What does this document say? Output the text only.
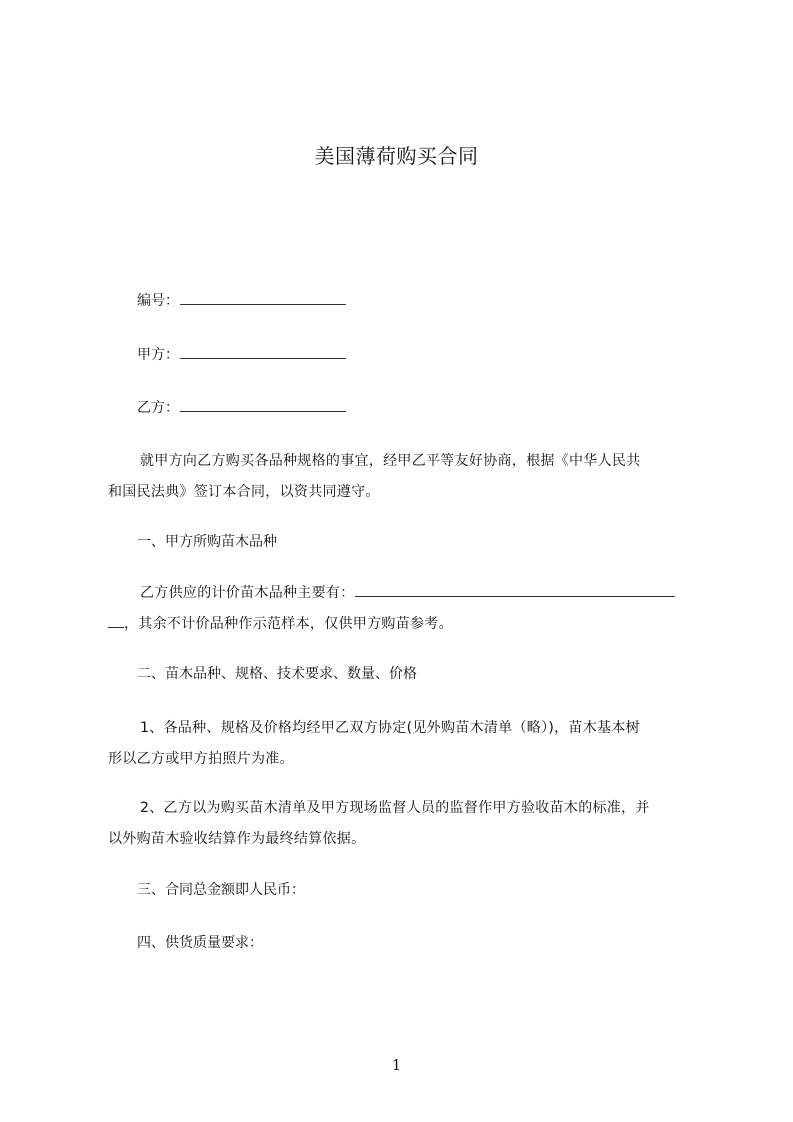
美国薄荷购买合同
编号：
甲方：
乙方：
就甲方向乙方购买各品种规格的事宜，经甲乙平等友好协商，根据《中华人民共
和国民法典》签订本合同，以资共同遵守。
一、甲方所购苗木品种
乙方供应的计价苗木品种主要有：
，其余不计价品种作示范样本，仅供甲方购苗参考。
二、苗木品种、规格、技术要求、数量、价格
1、各品种、规格及价格均经甲乙双方协定(见外购苗木清单（略）)，苗木基本树
形以乙方或甲方拍照片为准。
2、乙方以为购买苗木清单及甲方现场监督人员的监督作甲方验收苗木的标准，并
以外购苗木验收结算作为最终结算依据。
三、合同总金额即人民币：
四、供货质量要求：
1
